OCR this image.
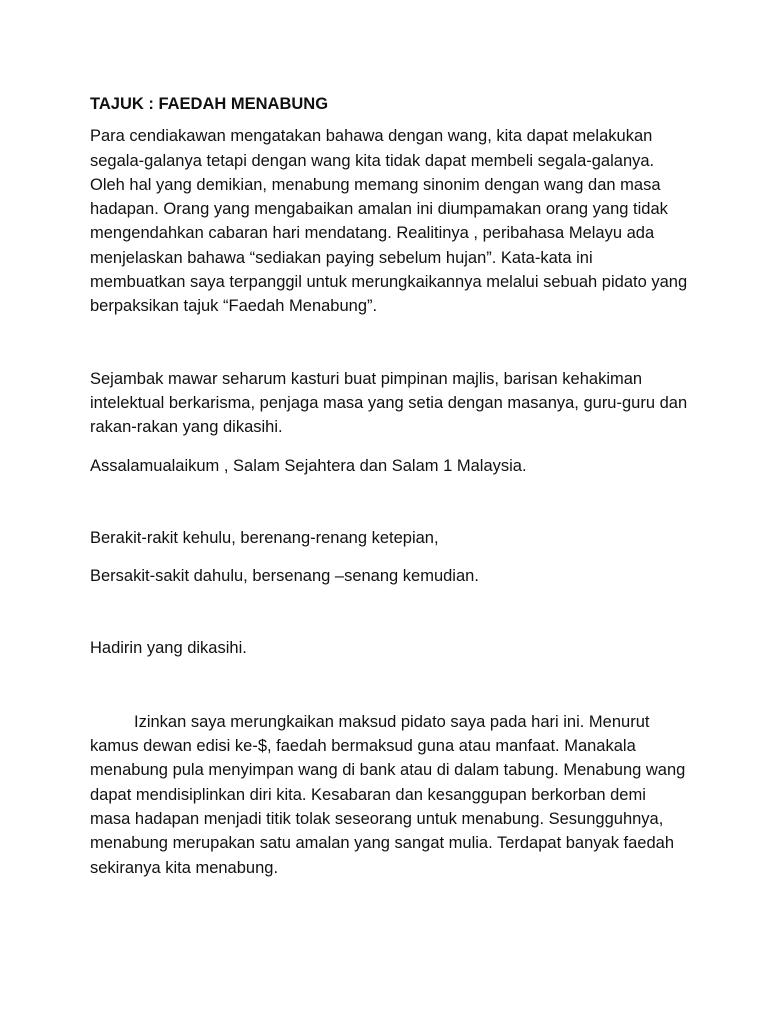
TAJUK : FAEDAH MENABUNG

Para cendiakawan mengatakan bahawa dengan wang, kita dapat melakukan segala-galanya tetapi dengan wang kita tidak dapat membeli segala-galanya. Oleh hal yang demikian, menabung memang sinonim dengan wang dan masa hadapan. Orang yang mengabaikan amalan ini diumpamakan orang yang tidak mengendahkan cabaran hari mendatang. Realitinya , peribahasa Melayu ada menjelaskan bahawa “sediakan paying sebelum hujan”. Kata-kata ini membuatkan saya terpanggil untuk merungkaikannya melalui sebuah pidato yang berpaksikan tajuk “Faedah Menabung”.

Sejambak mawar seharum kasturi buat pimpinan majlis, barisan kehakiman intelektual berkarisma, penjaga masa yang setia dengan masanya, guru-guru dan rakan-rakan yang dikasihi.

Assalamualaikum , Salam Sejahtera dan Salam 1 Malaysia.

Berakit-rakit kehulu, berenang-renang ketepian,

Bersakit-sakit dahulu, bersenang –senang kemudian.

Hadirin yang dikasihi.

Izinkan saya merungkaikan maksud pidato saya pada hari ini. Menurut kamus dewan edisi ke-$, faedah bermaksud guna atau manfaat. Manakala menabung pula menyimpan wang di bank atau di dalam tabung. Menabung wang dapat mendisiplinkan diri kita. Kesabaran dan kesanggupan berkorban demi masa hadapan menjadi titik tolak seseorang untuk menabung. Sesungguhnya, menabung merupakan satu amalan yang sangat mulia. Terdapat banyak faedah sekiranya kita menabung.
